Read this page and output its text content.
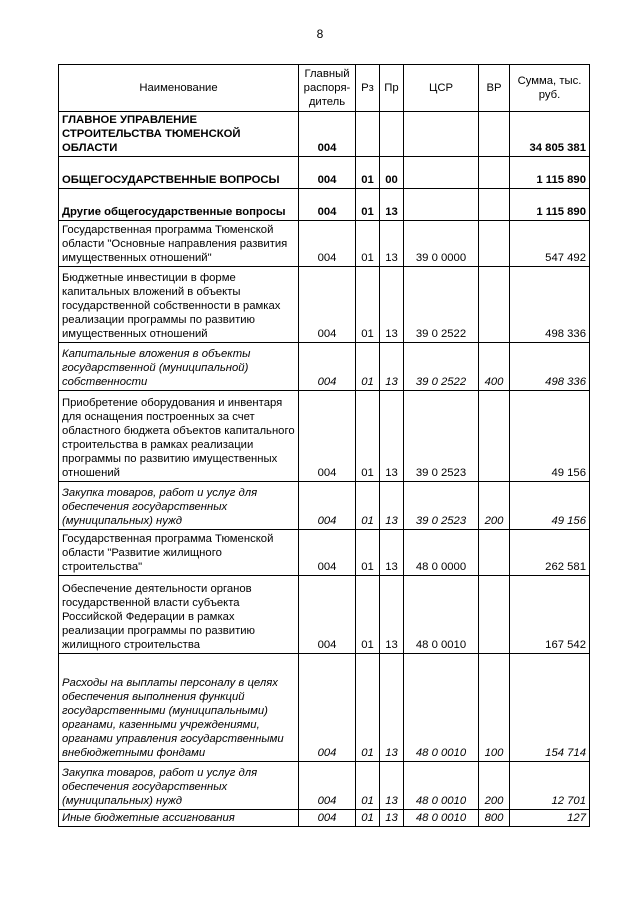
8
Наименование	Главный распоря-дитель	Рз	Пр	ЦСР	ВР	Сумма, тыс. руб.
ГЛАВНОЕ УПРАВЛЕНИЕ СТРОИТЕЛЬСТВА ТЮМЕНСКОЙ ОБЛАСТИ	004					34 805 381
ОБЩЕГОСУДАРСТВЕННЫЕ ВОПРОСЫ	004	01	00			1 115 890
Другие общегосударственные вопросы	004	01	13			1 115 890
Государственная программа Тюменской области "Основные направления развития имущественных отношений"	004	01	13	39 0 0000		547 492
Бюджетные инвестиции в форме капитальных вложений в объекты государственной собственности в рамках реализации программы по развитию имущественных отношений	004	01	13	39 0 2522		498 336
Капитальные вложения в объекты государственной (муниципальной) собственности	004	01	13	39 0 2522	400	498 336
Приобретение оборудования и инвентаря для оснащения построенных за счет областного бюджета объектов капитального строительства в рамках реализации программы по развитию имущественных отношений	004	01	13	39 0 2523		49 156
Закупка товаров, работ и услуг для обеспечения государственных (муниципальных) нужд	004	01	13	39 0 2523	200	49 156
Государственная программа Тюменской области "Развитие жилищного строительства"	004	01	13	48 0 0000		262 581
Обеспечение деятельности органов государственной власти субъекта Российской Федерации в рамках реализации программы по развитию жилищного строительства	004	01	13	48 0 0010		167 542
Расходы на выплаты персоналу в целях обеспечения выполнения функций государственными (муниципальными) органами, казенными учреждениями, органами управления государственными внебюджетными фондами	004	01	13	48 0 0010	100	154 714
Закупка товаров, работ и услуг для обеспечения государственных (муниципальных) нужд	004	01	13	48 0 0010	200	12 701
Иные бюджетные ассигнования	004	01	13	48 0 0010	800	127
